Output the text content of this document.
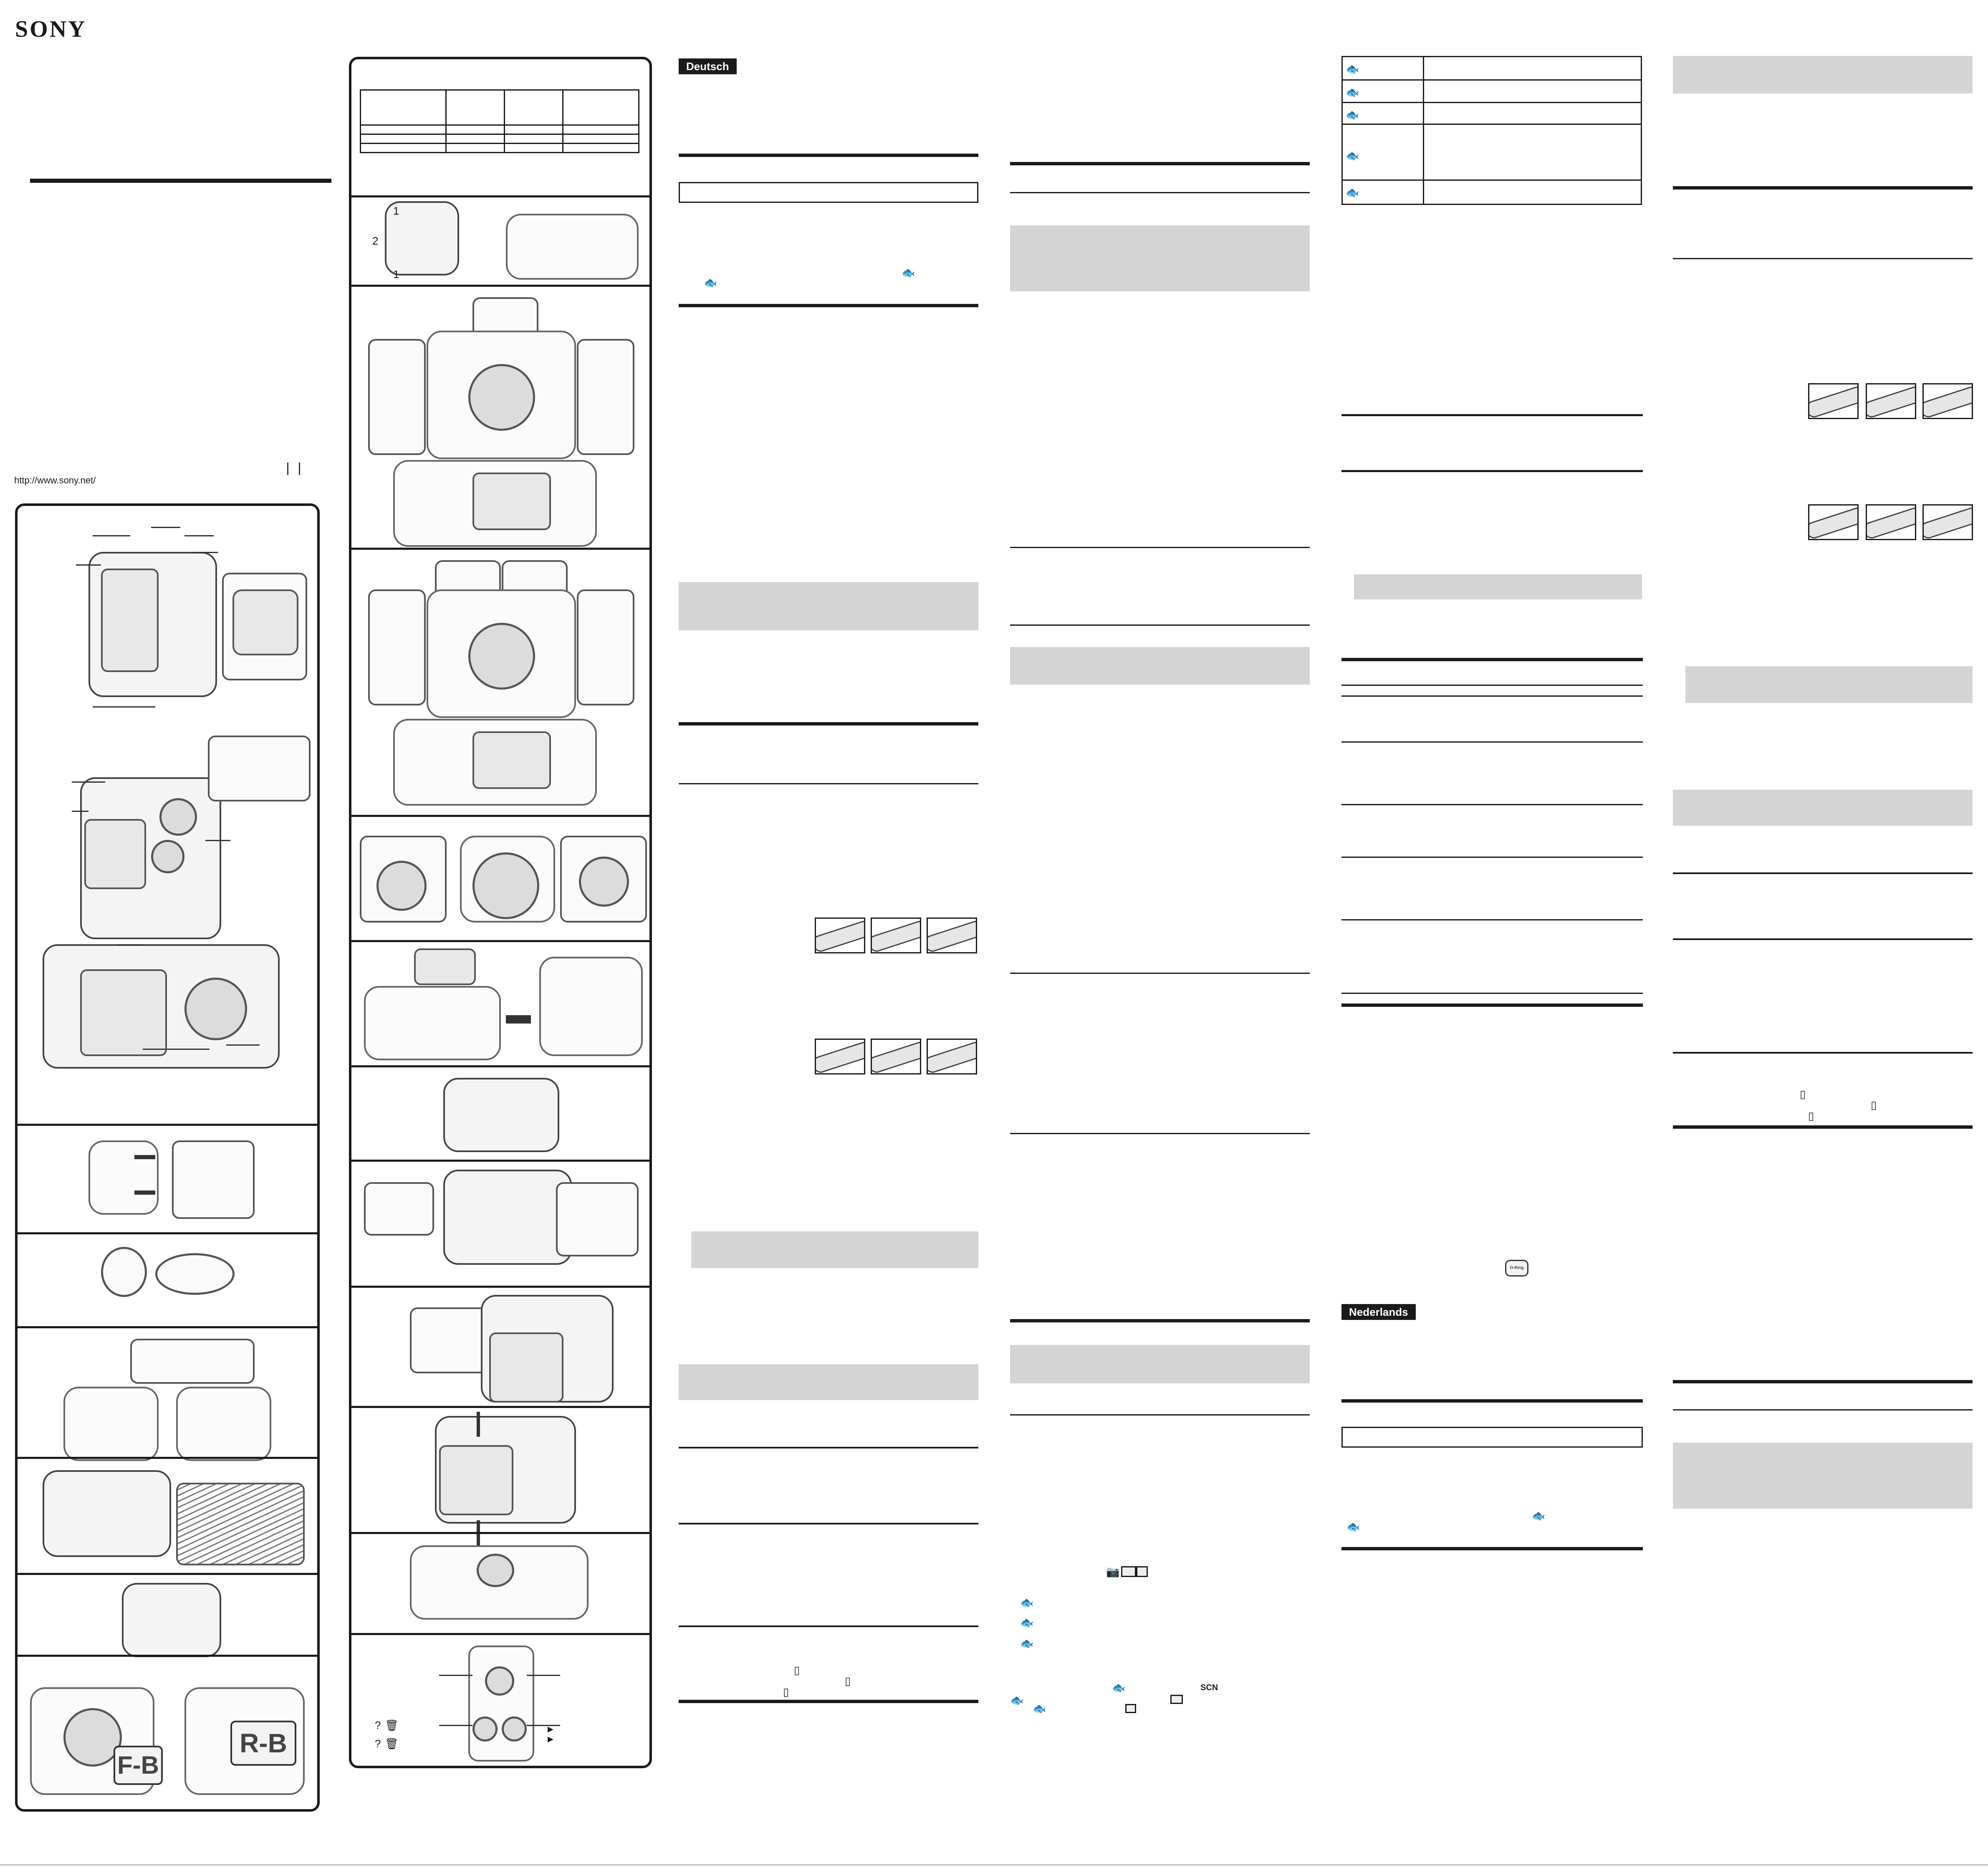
SONY
http://www.sony.net/
F-B
R-B

1
2
1
? 🗑
? 🗑
▶
▶
Deutsch
🐟
🐟
▯
▯
▯
📷
🐟
🐟
🐟
🐟	SCN
🐟
🐟

🐟
🐟
🐟
🐟
🐟
O-Ring
Nederlands
🐟
🐟
▯
▯
▯
